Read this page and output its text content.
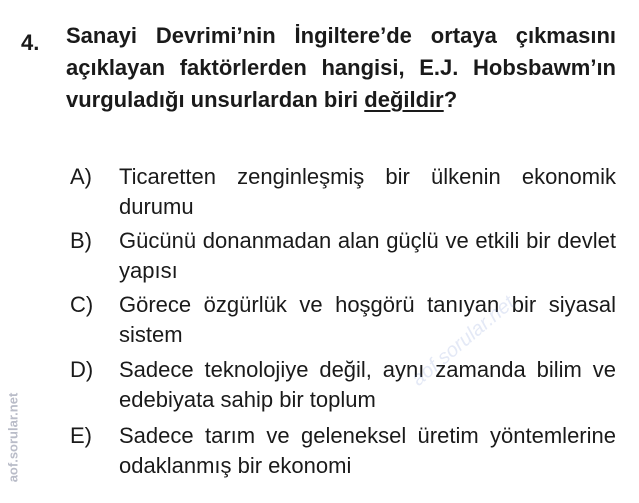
4. Sanayi Devrimi’nin İngiltere’de ortaya çıkmasını açıklayan faktörlerden hangisi, E.J. Hobsbawm’ın vurguladığı unsurlardan biri değildir?
A)	Ticaretten zenginleşmiş bir ülkenin ekonomik durumu
B)	Gücünü donanmadan alan güçlü ve etkili bir devlet yapısı
C)	Görece özgürlük ve hoşgörü tanıyan bir siyasal sistem
D)	Sadece teknolojiye değil, aynı zamanda bilim ve edebiyata sahip bir toplum
E)	Sadece tarım ve geleneksel üretim yöntemlerine odaklanmış bir ekonomi
aof.sorular.net
aof.sorular.net
